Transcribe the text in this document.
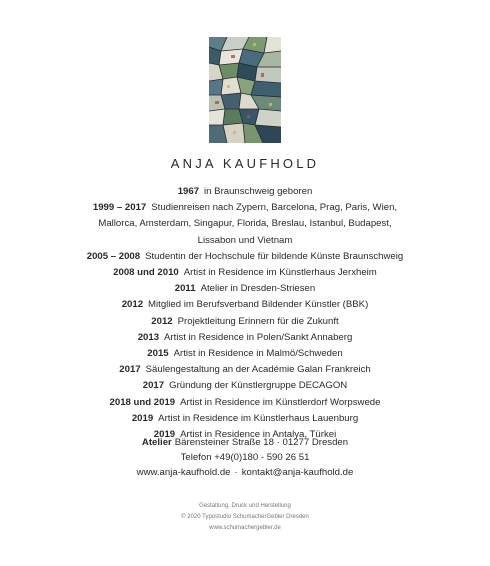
ANJA KAUFHOLD
1967 in Braunschweig geboren
1999 – 2017 Studienreisen nach Zypern, Barcelona, Prag, Paris, Wien,
Mallorca, Amsterdam, Singapur, Florida, Breslau, Istanbul, Budapest,
Lissabon und Vietnam
2005 – 2008 Studentin der Hochschule für bildende Künste Braunschweig
2008 und 2010 Artist in Residence im Künstlerhaus Jerxheim
2011 Atelier in Dresden-Striesen
2012 Mitglied im Berufsverband Bildender Künstler (BBK)
2012 Projektleitung Erinnern für die Zukunft
2013 Artist in Residence in Polen/Sankt Annaberg
2015 Artist in Residence in Malmö/Schweden
2017 Säulengestaltung an der Académie Galan Frankreich
2017 Gründung der Künstlergruppe DECAGON
2018 und 2019 Artist in Residence im Künstlerdorf Worpswede
2019 Artist in Residence im Künstlerhaus Lauenburg
2019 Artist in Residence in Antalya, Türkei
Atelier Bärensteiner Straße 18 · 01277 Dresden
Telefon +49(0)180 - 590 26 51
www.anja-kaufhold.de · kontakt@anja-kaufhold.de
Gestaltung, Druck und Herstellung
© 2020 Typostudio SchumacherGebler Dresden
www.schumachergebler.de
